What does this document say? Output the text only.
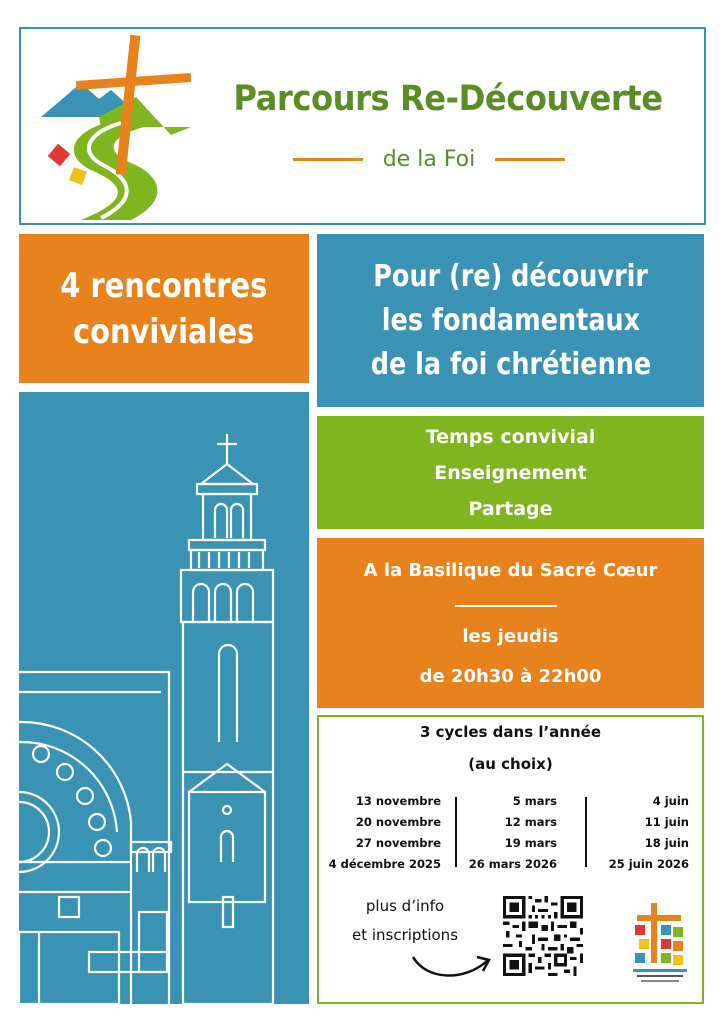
Parcours Re-Découverte
de la Foi
4 rencontres
conviviales
Pour (re) découvrir
les fondamentaux
de la foi chrétienne
Temps convivial
Enseignement
Partage
A la Basilique du Sacré Cœur
les jeudis
de 20h30 à 22h00
3 cycles dans l’année
(au choix)
13 novembre
20 novembre
27 novembre
4 décembre 2025
5 mars
12 mars
19 mars
26 mars 2026
4 juin
11 juin
18 juin
25 juin 2026
plus d’info
et inscriptions
